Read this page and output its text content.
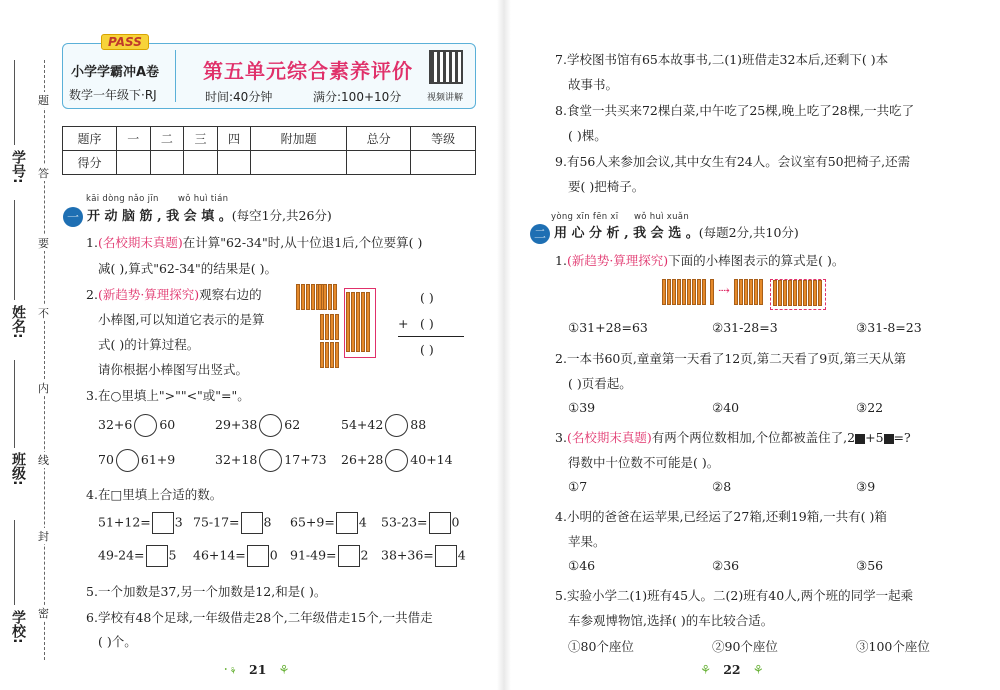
学号:
姓名:
班级:
学校:
题
答
要
不
内
线
封
密
PASS
小学学霸冲A卷
数学一年级下·RJ
第五单元综合素养评价
时间:40分钟	满分:100+10分	视频讲解
题序	一	二	三	四	附加题	总分	等级
得分							
kāi dòng nǎo jīn wǒ huì tián
一 开 动 脑 筋 , 我 会 填 。(每空1分,共26分)
1.(名校期末真题)在计算"62-34"时,从十位退1后,个位要算( )
减( ),算式"62-34"的结果是( )。
2.(新趋势·算理探究)观察右边的
小棒图,可以知道它表示的是算
式( )的计算过程。
请你根据小棒图写出竖式。
( )
+ ( )
( )
3.在○里填上">""<"或"="。
32+6 60	29+38 62	54+42 88
70 61+9	32+18 17+73 26+28 40+14
4.在□里填上合适的数。
51+12= 3 75-17= 8 65+9= 4 53-23= 0
49-24= 5 46+14= 0 91-49= 2 38+36= 4
5.一个加数是37,另一个加数是12,和是( )。
6.学校有48个足球,一年级借走28个,二年级借走15个,一共借走
( )个。
᛫⚘ 21 ⚘
7.学校图书馆有65本故事书,二(1)班借走32本后,还剩下( )本
故事书。
8.食堂一共买来72棵白菜,中午吃了25棵,晚上吃了28棵,一共吃了
( )棵。
9.有56人来参加会议,其中女生有24人。会议室有50把椅子,还需
要( )把椅子。
yòng xīn fēn xī wǒ huì xuǎn
二 用 心 分 析 , 我 会 选 。(每题2分,共10分)
1.(新趋势·算理探究)下面的小棒图表示的算式是( )。
⇢
①31+28=63	②31-28=3	③31-8=23
2.一本书60页,童童第一天看了12页,第二天看了9页,第三天从第
( )页看起。
①39	②40	③22
3.(名校期末真题)有两个两位数相加,个位都被盖住了,2 +5 =?
得数中十位数不可能是( )。
①7	②8	③9
4.小明的爸爸在运苹果,已经运了27箱,还剩19箱,一共有( )箱
苹果。
①46	②36	③56
5.实验小学二(1)班有45人。二(2)班有40人,两个班的同学一起乘
车参观博物馆,选择( )的车比较合适。
①80个座位	②90个座位	③100个座位
⚘ 22 ⚘
